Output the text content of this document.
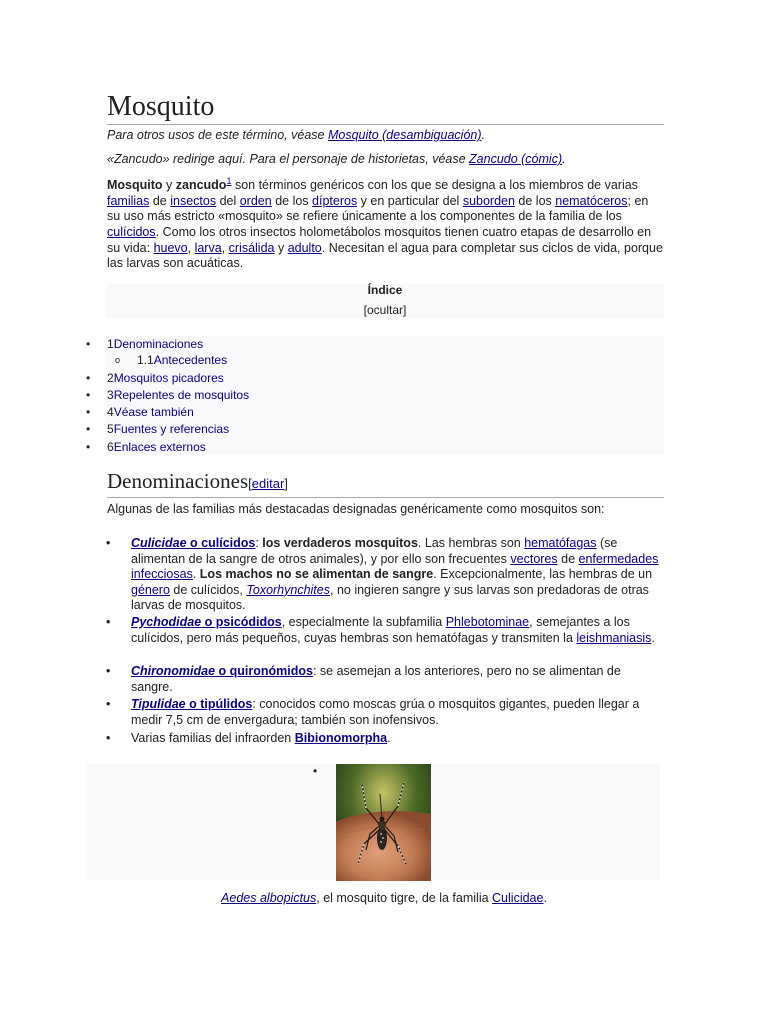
Mosquito
Para otros usos de este término, véase Mosquito (desambiguación).
«Zancudo» redirige aquí. Para el personaje de historietas, véase Zancudo (cómic).
Mosquito y zancudo$^1$ son términos genéricos con los que se designa a los miembros de varias familias de insectos del orden de los dípteros y en particular del suborden de los nematóceros; en su uso más estricto «mosquito» se refiere únicamente a los componentes de la familia de los culícidos. Como los otros insectos holometábolos mosquitos tienen cuatro etapas de desarrollo en su vida: huevo, larva, crisálida y adulto. Necesitan el agua para completar sus ciclos de vida, porque las larvas son acuáticas.
Índice
[ocultar]
• 1Denominaciones
o 1.1Antecedentes
• 2Mosquitos picadores
• 3Repelentes de mosquitos
• 4Véase también
• 5Fuentes y referencias
• 6Enlaces externos
Denominaciones[editar]
Algunas de las familias más destacadas designadas genéricamente como mosquitos son:
• Culicidae o culícidos: los verdaderos mosquitos. Las hembras son hematófagas (se alimentan de la sangre de otros animales), y por ello son frecuentes vectores de enfermedades infecciosas. Los machos no se alimentan de sangre. Excepcionalmente, las hembras de un género de culícidos, Toxorhynchites, no ingieren sangre y sus larvas son predadoras de otras larvas de mosquitos.
• Pychodidae o psicódidos, especialmente la subfamilia Phlebotominae, semejantes a los culícidos, pero más pequeños, cuyas hembras son hematófagas y transmiten la leishmaniasis.
• Chironomidae o quironómidos: se asemejan a los anteriores, pero no se alimentan de sangre.
• Tipulidae o tipúlidos: conocidos como moscas grúa o mosquitos gigantes, pueden llegar a medir 7,5 cm de envergadura; también son inofensivos.
• Varias familias del infraorden Bibionomorpha.
•
Aedes albopictus, el mosquito tigre, de la familia Culicidae.
